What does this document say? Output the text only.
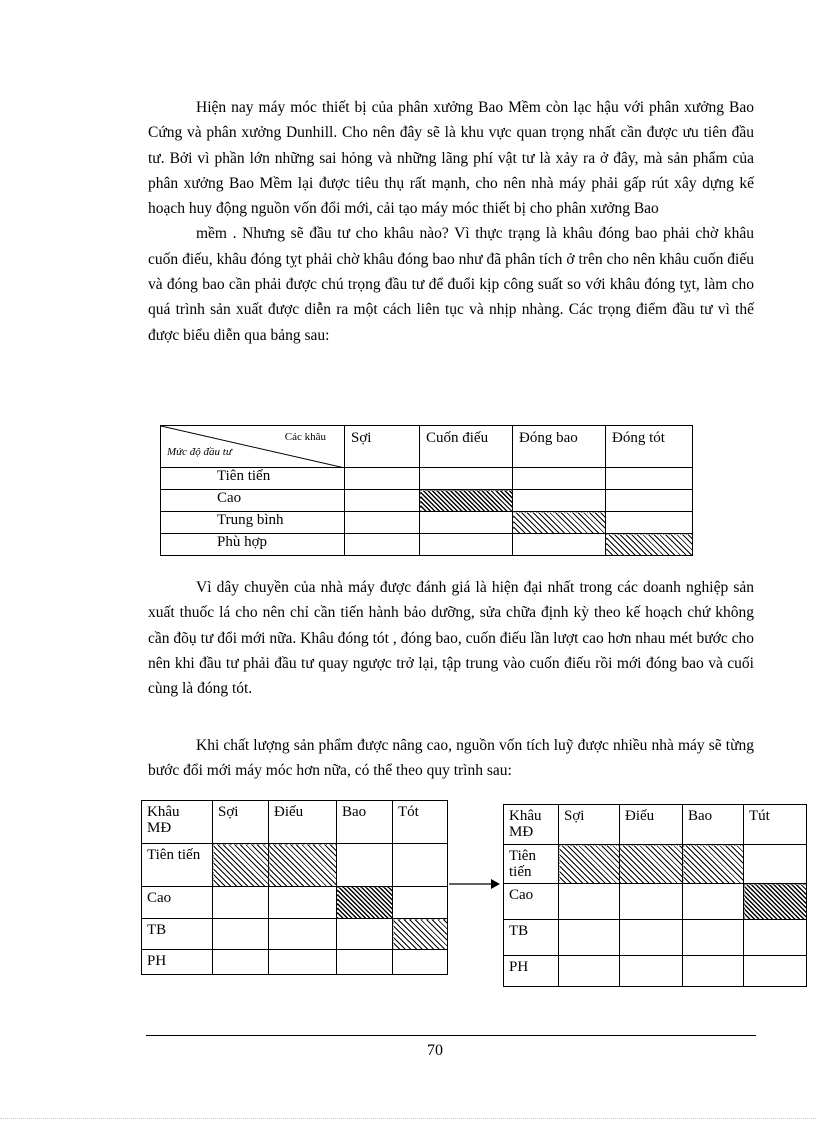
Hiện nay máy móc thiết bị của phân xưởng Bao Mềm còn lạc hậu với phân xưởng Bao Cứng và phân xưởng Dunhill. Cho nên đây sẽ là khu vực quan trọng nhất cần được ưu tiên đầu tư. Bởi vì phần lớn những sai hỏng và những lãng phí vật tư là xảy ra ở đây, mà sản phẩm của phân xưởng Bao Mềm lại được tiêu thụ rất mạnh, cho nên nhà máy phải gấp rút xây dựng kế hoạch huy động nguồn vốn đổi mới, cải tạo máy móc thiết bị cho phân xưởng Bao
mềm . Nhưng sẽ đầu tư cho khâu nào? Vì thực trạng là khâu đóng bao phải chờ khâu cuốn điếu, khâu đóng tỵt phải chờ khâu đóng bao như đã phân tích ở trên cho nên khâu cuốn điếu và đóng bao cần phải được chú trọng đầu tư để đuổi kịp công suất so với khâu đóng tỵt, làm cho quá trình sản xuất được diễn ra một cách liên tục và nhịp nhàng. Các trọng điểm đầu tư vì thế được biểu diễn qua bảng sau:

Các khâu
Mức độ đầu tư	Sợi	Cuốn điếu	Đóng bao	Đóng tót
Tiên tiến				
Cao				
Trung bình				
Phù hợp				

Vì dây chuyền của nhà máy được đánh giá là hiện đại nhất trong các doanh nghiệp sản xuất thuốc lá cho nên chỉ cần tiến hành bảo dưỡng, sửa chữa định kỳ theo kế hoạch chứ không cần đõụ tư đổi mới nữa. Khâu đóng tót , đóng bao, cuốn điếu lần lượt cao hơn nhau mét bước cho nên khi đầu tư phải đầu tư quay ngược trở lại, tập trung vào cuốn điếu rồi mới đóng bao và cuối cùng là đóng tót.

Khi chất lượng sản phẩm được nâng cao, nguồn vốn tích luỹ được nhiều nhà máy sẽ từng bước đổi mới máy móc hơn nữa, có thể theo quy trình sau:

Khâu MĐ	Sợi	Điếu	Bao	Tót
Tiên tiến				
Cao				
TB				
PH				
Khâu MĐ	Sợi	Điếu	Bao	Tút
Tiên tiến				
Cao				
TB				
PH				
70
